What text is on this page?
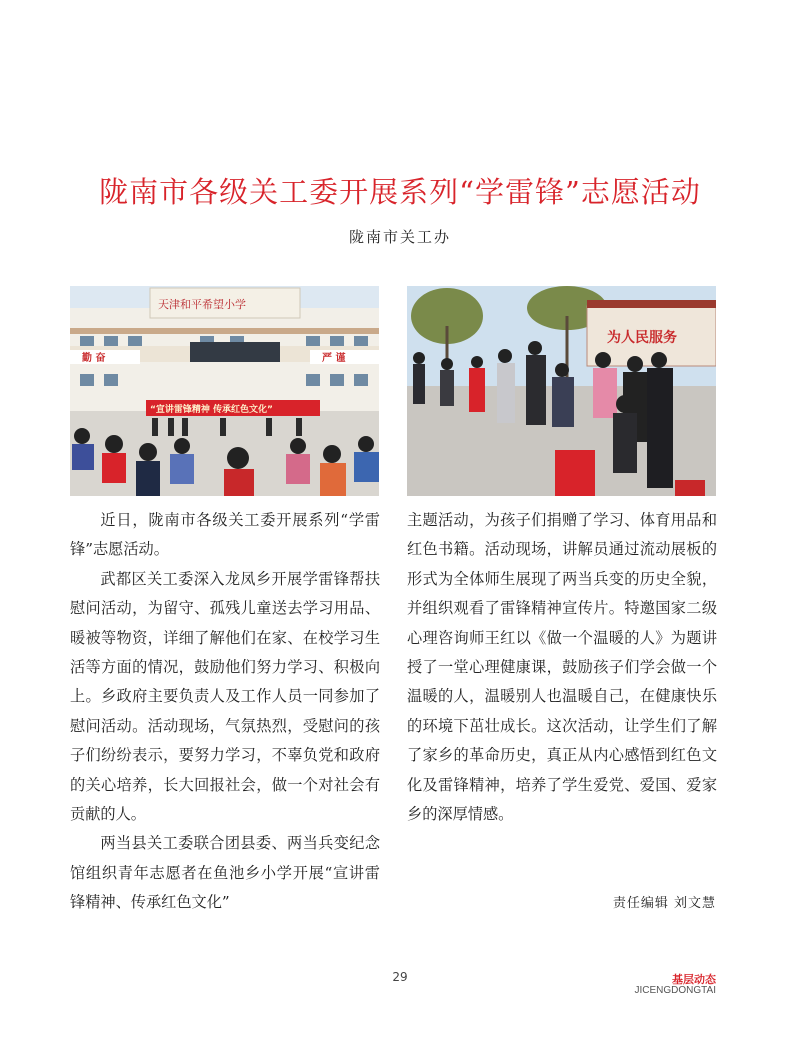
陇南市各级关工委开展系列“学雷锋”志愿活动
陇南市关工办
天津和平希望小学
勤 奋	严 谨
“宣讲雷锋精神 传承红色文化”
为人民服务

近日，陇南市各级关工委开展系列“学雷锋”志愿活动。

武都区关工委深入龙凤乡开展学雷锋帮扶慰问活动，为留守、孤残儿童送去学习用品、暖被等物资，详细了解他们在家、在校学习生活等方面的情况，鼓励他们努力学习、积极向上。乡政府主要负责人及工作人员一同参加了慰问活动。活动现场，气氛热烈，受慰问的孩子们纷纷表示，要努力学习，不辜负党和政府的关心培养，长大回报社会，做一个对社会有贡献的人。

两当县关工委联合团县委、两当兵变纪念馆组织青年志愿者在鱼池乡小学开展“宣讲雷锋精神、传承红色文化”

主题活动，为孩子们捐赠了学习、体育用品和红色书籍。活动现场，讲解员通过流动展板的形式为全体师生展现了两当兵变的历史全貌，并组织观看了雷锋精神宣传片。特邀国家二级心理咨询师王红以《做一个温暖的人》为题讲授了一堂心理健康课，鼓励孩子们学会做一个温暖的人，温暖别人也温暖自己，在健康快乐的环境下茁壮成长。这次活动，让学生们了解了家乡的革命历史，真正从内心感悟到红色文化及雷锋精神，培养了学生爱党、爱国、爱家乡的深厚情感。

责任编辑 刘文慧
29	基层动态
JICENGDONGTAI
